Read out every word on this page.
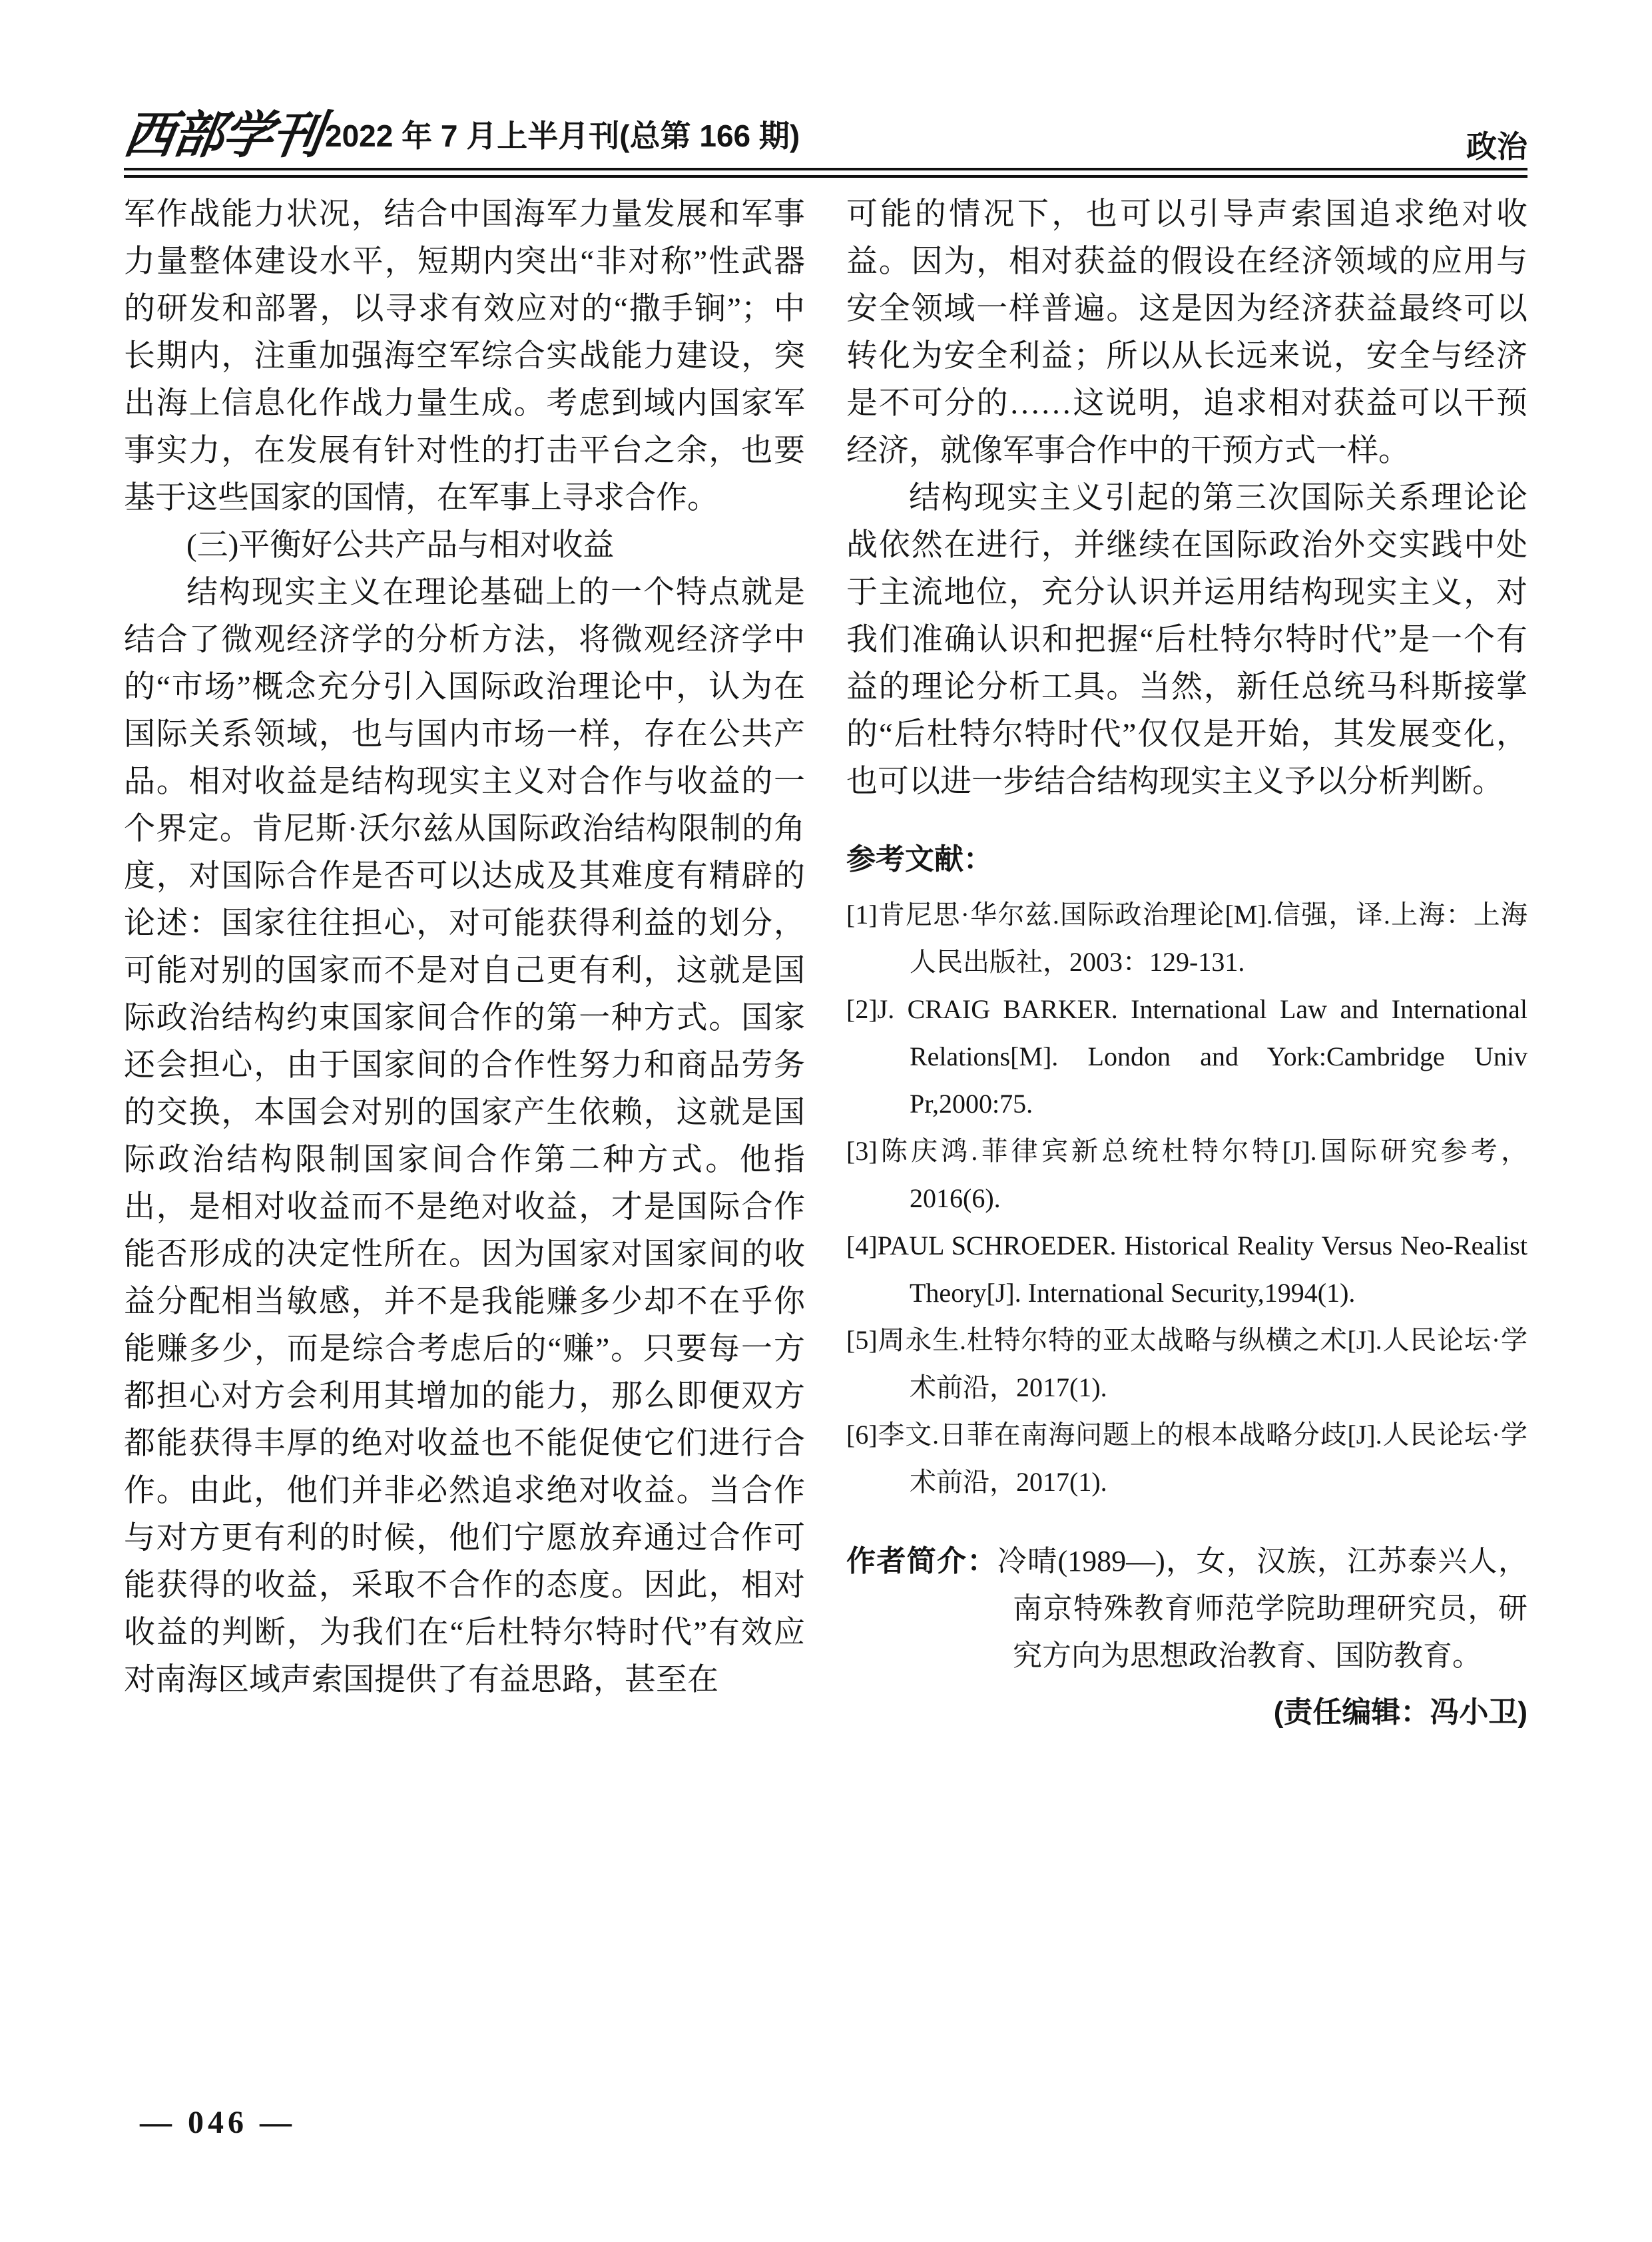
西部学刊2022 年 7 月上半月刊(总第 166 期)	政治
军作战能力状况，结合中国海军力量发展和军事力量整体建设水平，短期内突出“非对称”性武器的研发和部署，以寻求有效应对的“撒手锏”；中长期内，注重加强海空军综合实战能力建设，突出海上信息化作战力量生成。考虑到域内国家军事实力，在发展有针对性的打击平台之余，也要基于这些国家的国情，在军事上寻求合作。
(三)平衡好公共产品与相对收益
结构现实主义在理论基础上的一个特点就是结合了微观经济学的分析方法，将微观经济学中的“市场”概念充分引入国际政治理论中，认为在国际关系领域，也与国内市场一样，存在公共产品。相对收益是结构现实主义对合作与收益的一个界定。肯尼斯·沃尔兹从国际政治结构限制的角度，对国际合作是否可以达成及其难度有精辟的论述：国家往往担心，对可能获得利益的划分，可能对别的国家而不是对自己更有利，这就是国际政治结构约束国家间合作的第一种方式。国家还会担心，由于国家间的合作性努力和商品劳务的交换，本国会对别的国家产生依赖，这就是国际政治结构限制国家间合作第二种方式。他指出，是相对收益而不是绝对收益，才是国际合作能否形成的决定性所在。因为国家对国家间的收益分配相当敏感，并不是我能赚多少却不在乎你能赚多少，而是综合考虑后的“赚”。只要每一方都担心对方会利用其增加的能力，那么即便双方都能获得丰厚的绝对收益也不能促使它们进行合作。由此，他们并非必然追求绝对收益。当合作与对方更有利的时候，他们宁愿放弃通过合作可能获得的收益，采取不合作的态度。因此，相对收益的判断，为我们在“后杜特尔特时代”有效应对南海区域声索国提供了有益思路，甚至在
可能的情况下，也可以引导声索国追求绝对收益。因为，相对获益的假设在经济领域的应用与安全领域一样普遍。这是因为经济获益最终可以转化为安全利益；所以从长远来说，安全与经济是不可分的……这说明，追求相对获益可以干预经济，就像军事合作中的干预方式一样。
结构现实主义引起的第三次国际关系理论论战依然在进行，并继续在国际政治外交实践中处于主流地位，充分认识并运用结构现实主义，对我们准确认识和把握“后杜特尔特时代”是一个有益的理论分析工具。当然，新任总统马科斯接掌的“后杜特尔特时代”仅仅是开始，其发展变化，也可以进一步结合结构现实主义予以分析判断。
参考文献：
[1]肯尼思·华尔兹.国际政治理论[M].信强，译.上海：上海人民出版社，2003：129-131.
[2]J. CRAIG BARKER. International Law and International Relations[M]. London and York:Cambridge Univ Pr,2000:75.
[3]陈庆鸿.菲律宾新总统杜特尔特[J].国际研究参考，2016(6).
[4]PAUL SCHROEDER. Historical Reality Versus Neo-Realist Theory[J]. International Security,1994(1).
[5]周永生.杜特尔特的亚太战略与纵横之术[J].人民论坛·学术前沿，2017(1).
[6]李文.日菲在南海问题上的根本战略分歧[J].人民论坛·学术前沿，2017(1).
作者简介：冷晴(1989—)，女，汉族，江苏泰兴人，南京特殊教育师范学院助理研究员，研究方向为思想政治教育、国防教育。
(责任编辑：冯小卫)
— 046 —
